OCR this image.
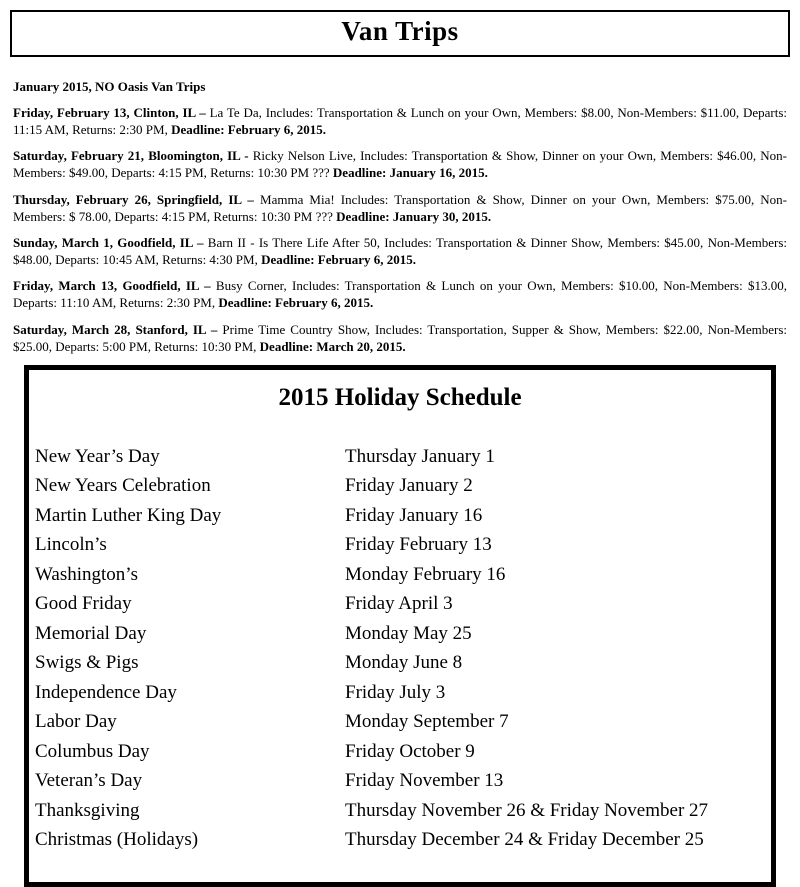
Van Trips

January 2015, NO Oasis Van Trips

Friday, February 13, Clinton, IL – La Te Da, Includes: Transportation & Lunch on your Own, Members: $8.00, Non-Members: $11.00, Departs: 11:15 AM, Returns: 2:30 PM, Deadline: February 6, 2015.

Saturday, February 21, Bloomington, IL - Ricky Nelson Live, Includes: Transportation & Show, Dinner on your Own, Members: $46.00, Non-Members: $49.00, Departs: 4:15 PM, Returns: 10:30 PM ??? Deadline: January 16, 2015.

Thursday, February 26, Springfield, IL – Mamma Mia! Includes: Transportation & Show, Dinner on your Own, Members: $75.00, Non-Members: $ 78.00, Departs: 4:15 PM, Returns: 10:30 PM ??? Deadline: January 30, 2015.

Sunday, March 1, Goodfield, IL – Barn II - Is There Life After 50, Includes: Transportation & Dinner Show, Members: $45.00, Non-Members: $48.00, Departs: 10:45 AM, Returns: 4:30 PM, Deadline: February 6, 2015.

Friday, March 13, Goodfield, IL – Busy Corner, Includes: Transportation & Lunch on your Own, Members: $10.00, Non-Members: $13.00, Departs: 11:10 AM, Returns: 2:30 PM, Deadline: February 6, 2015.

Saturday, March 28, Stanford, IL – Prime Time Country Show, Includes: Transportation, Supper & Show, Members: $22.00, Non-Members: $25.00, Departs: 5:00 PM, Returns: 10:30 PM, Deadline: March 20, 2015.

2015 Holiday Schedule
New Year’s Day	Thursday January 1
New Years Celebration	Friday January 2
Martin Luther King Day	Friday January 16
Lincoln’s	Friday February 13
Washington’s	Monday February 16
Good Friday	Friday April 3
Memorial Day	Monday May 25
Swigs & Pigs	Monday June 8
Independence Day	Friday July 3
Labor Day	Monday September 7
Columbus Day	Friday October 9
Veteran’s Day	Friday November 13
Thanksgiving	Thursday November 26 & Friday November 27
Christmas (Holidays)	Thursday December 24 & Friday December 25
